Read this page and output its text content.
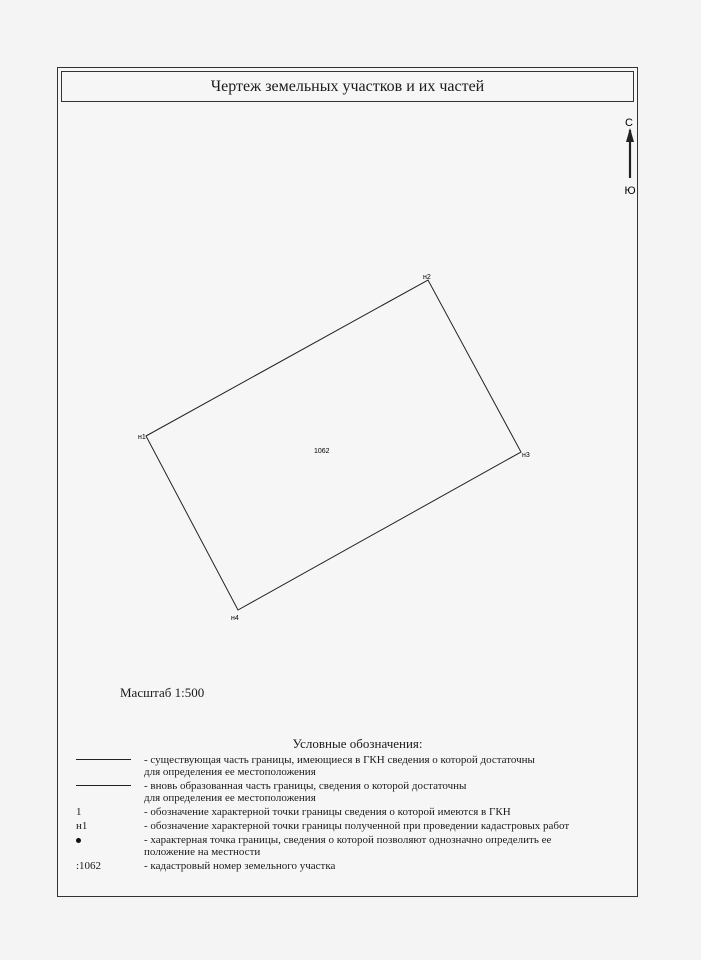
Чертеж земельных участков и их частей
С
Ю
н1
н2
н3
н4
1062
Масштаб 1:500
Условные обозначения:
- существующая часть границы, имеющиеся в ГКН сведения о которой достаточны
для определения ее местоположения
- вновь образованная часть границы, сведения о которой достаточны
для определения ее местоположения
1	- обозначение характерной точки границы сведения о которой имеются в ГКН
н1	- обозначение характерной точки границы полученной при проведении кадастровых работ
- характерная точка границы, сведения о которой позволяют однозначно определить ее
положение на местности
:1062	- кадастровый номер земельного участка
